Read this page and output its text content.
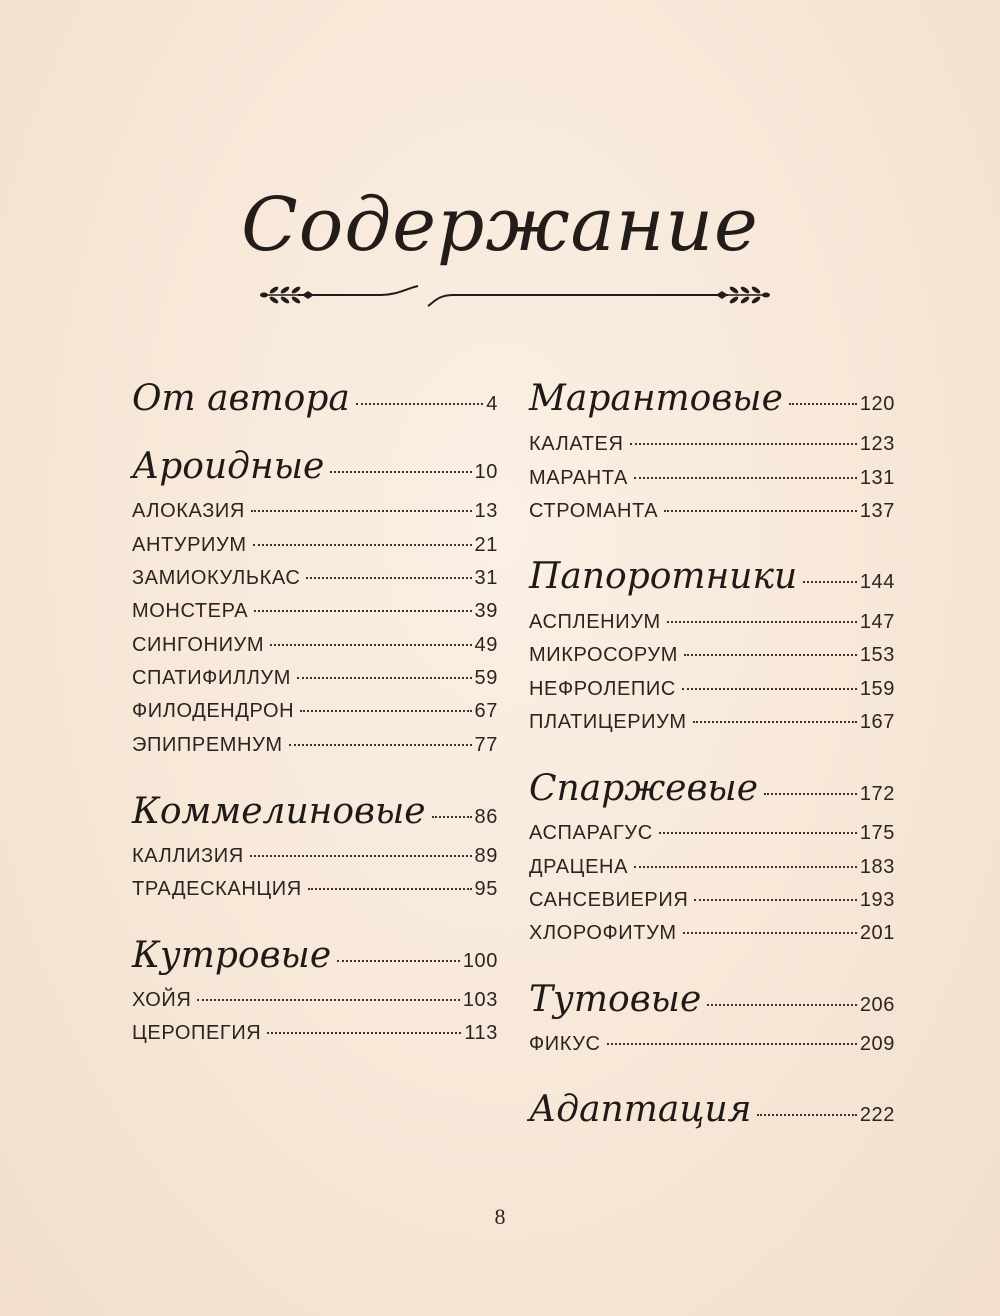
Содержание
От автора	4
Ароидные	10
АЛОКАЗИЯ	13
АНТУРИУМ	21
ЗАМИОКУЛЬКАС	31
МОНСТЕРА	39
СИНГОНИУМ	49
СПАТИФИЛЛУМ	59
ФИЛОДЕНДРОН	67
ЭПИПРЕМНУМ	77
Коммелиновые 86
КАЛЛИЗИЯ	89
ТРАДЕСКАНЦИЯ	95
Кутровые	100
ХОЙЯ	103
ЦЕРОПЕГИЯ	113
Марантовые	120
КАЛАТЕЯ	123
МАРАНТА	131
СТРОМАНТА	137
Папоротники	144
АСПЛЕНИУМ	147
МИКРОСОРУМ	153
НЕФРОЛЕПИС	159
ПЛАТИЦЕРИУМ	167
Спаржевые	172
АСПАРАГУС	175
ДРАЦЕНА	183
САНСЕВИЕРИЯ	193
ХЛОРОФИТУМ	201
Тутовые	206
ФИКУС	209
Адаптация	222
8
